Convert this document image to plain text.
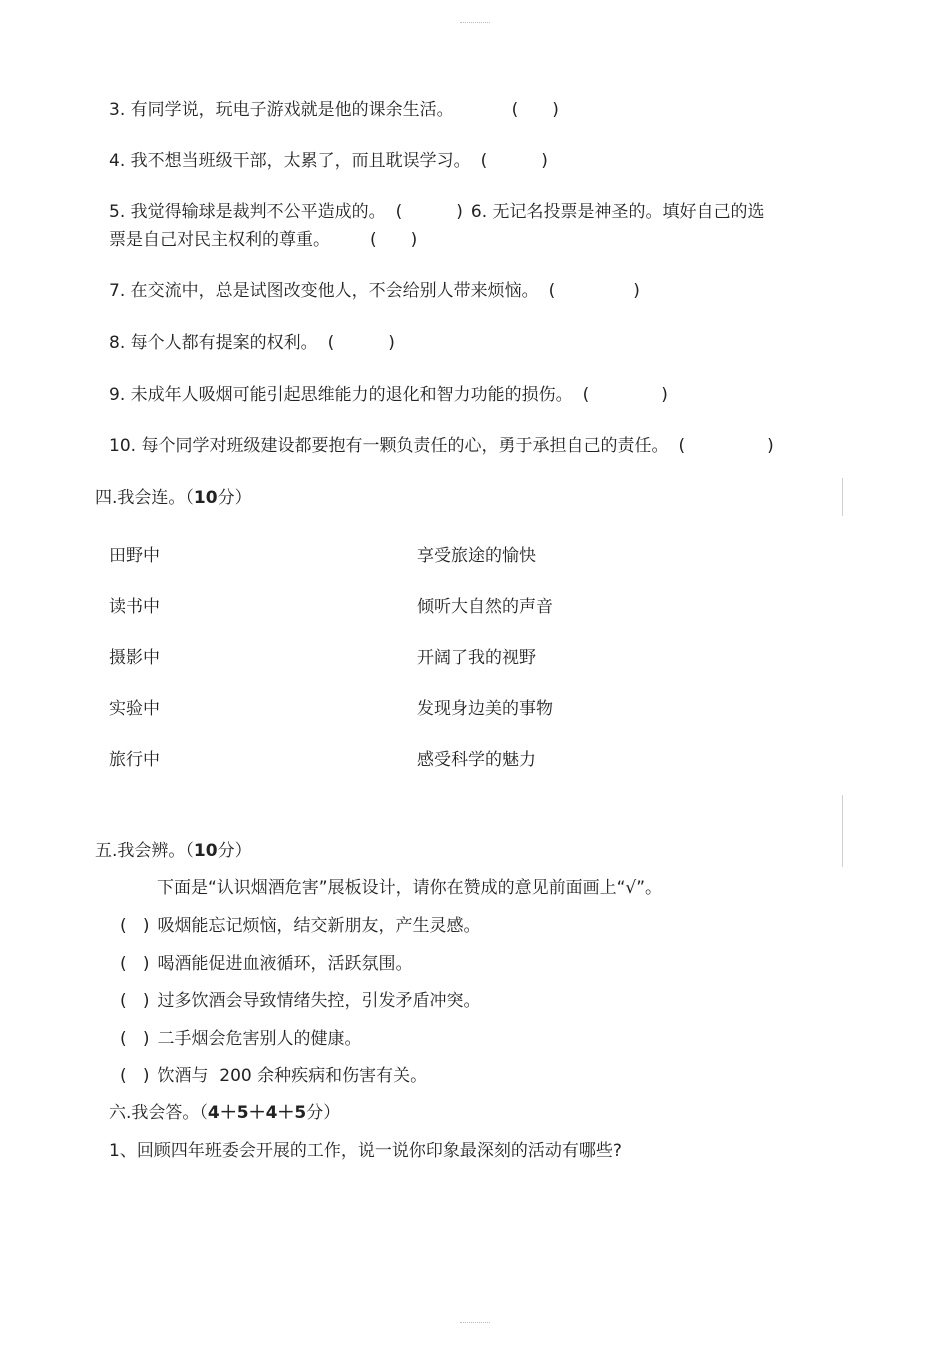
3. 有同学说，玩电子游戏就是他的课余生活。	( )
4. 我不想当班级干部，太累了，而且耽误学习。 (	)
5. 我觉得输球是裁判不公平造成的。 (	) 6. 无记名投票是神圣的。填好自己的选
票是自己对民主权利的尊重。 ( )
7. 在交流中，总是试图改变他人，不会给别人带来烦恼。 (	)
8. 每个人都有提案的权利。 (	)
9. 未成年人吸烟可能引起思维能力的退化和智力功能的损伤。 (	)
10. 每个同学对班级建设都要抱有一颗负责任的心，勇于承担自己的责任。 (	)
四.我会连。（10分）
田野中	享受旅途的愉快
读书中	倾听大自然的声音
摄影中	开阔了我的视野
实验中	发现身边美的事物
旅行中	感受科学的魅力
五.我会辨。（10分）
下面是“认识烟酒危害”展板设计，请你在赞成的意见前面画上“√”。
(   ) 吸烟能忘记烦恼，结交新朋友，产生灵感。
(   ) 喝酒能促进血液循环，活跃氛围。
(   ) 过多饮酒会导致情绪失控，引发矛盾冲突。
(   ) 二手烟会危害别人的健康。
(   ) 饮酒与  200 余种疾病和伤害有关。
六.我会答。（4＋5＋4＋5分）
1、回顾四年班委会开展的工作，说一说你印象最深刻的活动有哪些?
